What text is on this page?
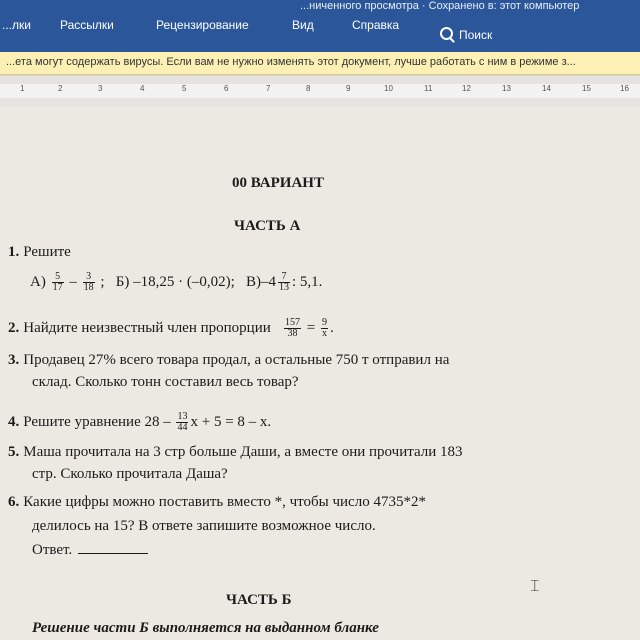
...ниченного просмотра · Сохранено в: этот компьютер
...лки Рассылки	Рецензирование	Вид	Справка
Поиск
...ета могут содержать вирусы. Если вам не нужно изменять этот документ, лучше работать с ним в режиме з...
1	2	3	4	5	6	7	8	9	10	11	12	13	14	15	16
00 ВАРИАНТ
ЧАСТЬ А
1. Решите
$А) \frac{5}{17} - \frac{3}{18}$ ; Б) –18,25 · (–0,02); $В)-4 \frac{7}{13}$ : 5,1.
2. Найдите неизвестный член пропорции $\frac{157}{38} = \frac{9}{x}$ .
3. Продавец 27% всего товара продал, а остальные 750 т отправил на
склад. Сколько тонн составил весь товар?
4. Решите уравнение $28 - \frac{13}{44}$ x + 5 = 8 – x.
5. Маша прочитала на 3 стр больше Даши, а вместе они прочитали 183
стр. Сколько прочитала Даша?
6. Какие цифры можно поставить вместо *, чтобы число 4735*2*
делилось на 15? В ответе запишите возможное число.
Ответ.
ЧАСТЬ Б
Решение части Б выполняется на выданном бланке
⌶
